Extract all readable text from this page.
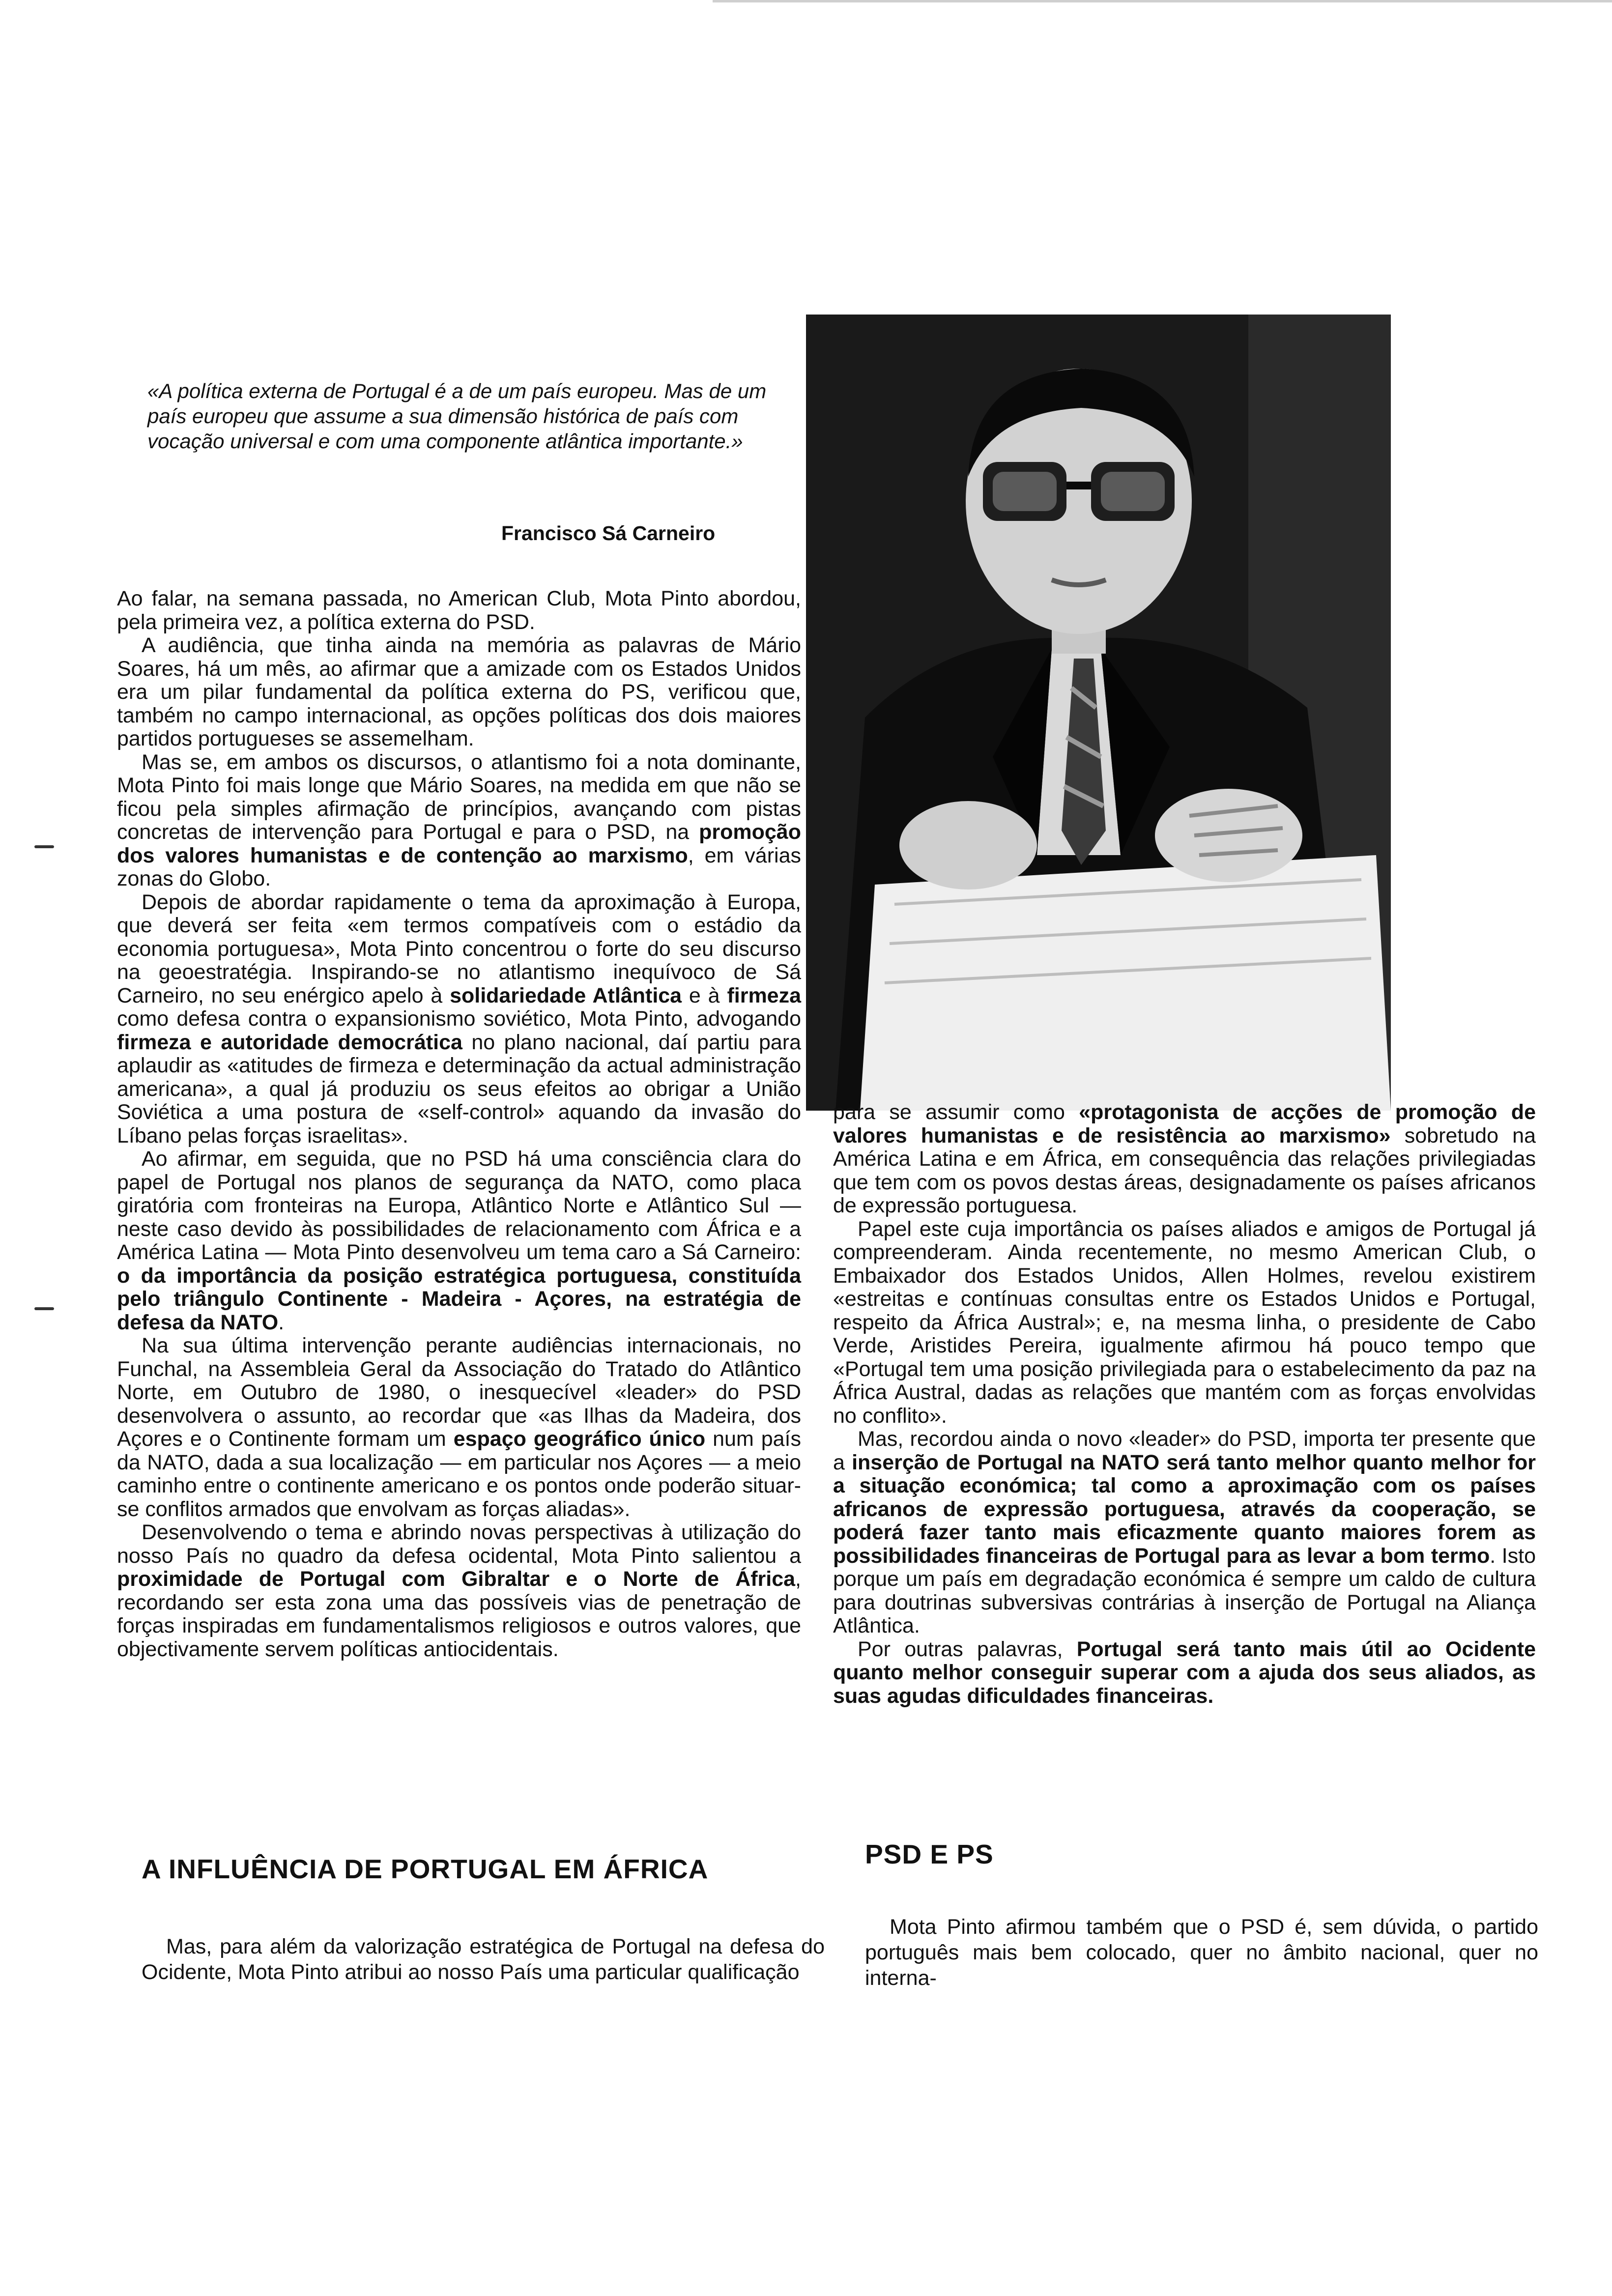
«A política externa de Portugal é a de um país europeu. Mas de um país europeu que assume a sua dimensão histórica de país com vocação universal e com uma componente atlântica importante.»

Francisco Sá Carneiro

Ao falar, na semana passada, no American Club, Mota Pinto abordou, pela primeira vez, a política externa do PSD.

A audiência, que tinha ainda na memória as palavras de Mário Soares, há um mês, ao afirmar que a amizade com os Estados Unidos era um pilar fundamental da política externa do PS, verificou que, também no campo internacional, as opções políticas dos dois maiores partidos portugueses se assemelham.

Mas se, em ambos os discursos, o atlantismo foi a nota dominante, Mota Pinto foi mais longe que Mário Soares, na medida em que não se ficou pela simples afirmação de princípios, avançando com pistas concretas de intervenção para Portugal e para o PSD, na promoção dos valores humanistas e de contenção ao marxismo, em várias zonas do Globo.

Depois de abordar rapidamente o tema da aproximação à Europa, que deverá ser feita «em termos compatíveis com o estádio da economia portuguesa», Mota Pinto concentrou o forte do seu discurso na geoestratégia. Inspirando-se no atlantismo inequívoco de Sá Carneiro, no seu enérgico apelo à solidariedade Atlântica e à firmeza como defesa contra o expansionismo soviético, Mota Pinto, advogando firmeza e autoridade democrática no plano nacional, daí partiu para aplaudir as «atitudes de firmeza e determinação da actual administração americana», a qual já produziu os seus efeitos ao obrigar a União Soviética a uma postura de «self-control» aquando da invasão do Líbano pelas forças israelitas».

Ao afirmar, em seguida, que no PSD há uma consciência clara do papel de Portugal nos planos de segurança da NATO, como placa giratória com fronteiras na Europa, Atlântico Norte e Atlântico Sul — neste caso devido às possibilidades de relacionamento com África e a América Latina — Mota Pinto desenvolveu um tema caro a Sá Carneiro: o da importância da posição estratégica portuguesa, constituída pelo triângulo Continente - Madeira - Açores, na estratégia de defesa da NATO.

Na sua última intervenção perante audiências internacionais, no Funchal, na Assembleia Geral da Associação do Tratado do Atlântico Norte, em Outubro de 1980, o inesquecível «leader» do PSD desenvolvera o assunto, ao recordar que «as Ilhas da Madeira, dos Açores e o Continente formam um espaço geográfico único num país da NATO, dada a sua localização — em particular nos Açores — a meio caminho entre o continente americano e os pontos onde poderão situar-se conflitos armados que envolvam as forças aliadas».

Desenvolvendo o tema e abrindo novas perspectivas à utilização do nosso País no quadro da defesa ocidental, Mota Pinto salientou a proximidade de Portugal com Gibraltar e o Norte de África, recordando ser esta zona uma das possíveis vias de penetração de forças inspiradas em fundamentalismos religiosos e outros valores, que objectivamente servem políticas antiocidentais.

para se assumir como «protagonista de acções de promoção de valores humanistas e de resistência ao marxismo» sobretudo na América Latina e em África, em consequência das relações privilegiadas que tem com os povos destas áreas, designadamente os países africanos de expressão portuguesa.

Papel este cuja importância os países aliados e amigos de Portugal já compreenderam. Ainda recentemente, no mesmo American Club, o Embaixador dos Estados Unidos, Allen Holmes, revelou existirem «estreitas e contínuas consultas entre os Estados Unidos e Portugal, respeito da África Austral»; e, na mesma linha, o presidente de Cabo Verde, Aristides Pereira, igualmente afirmou há pouco tempo que «Portugal tem uma posição privilegiada para o estabelecimento da paz na África Austral, dadas as relações que mantém com as forças envolvidas no conflito».

Mas, recordou ainda o novo «leader» do PSD, importa ter presente que a inserção de Portugal na NATO será tanto melhor quanto melhor for a situação económica; tal como a aproximação com os países africanos de expressão portuguesa, através da cooperação, se poderá fazer tanto mais eficazmente quanto maiores forem as possibilidades financeiras de Portugal para as levar a bom termo. Isto porque um país em degradação económica é sempre um caldo de cultura para doutrinas subversivas contrárias à inserção de Portugal na Aliança Atlântica.

Por outras palavras, Portugal será tanto mais útil ao Ocidente quanto melhor conseguir superar com a ajuda dos seus aliados, as suas agudas dificuldades financeiras.

A INFLUÊNCIA DE PORTUGAL EM ÁFRICA

Mas, para além da valorização estratégica de Portugal na defesa do Ocidente, Mota Pinto atribui ao nosso País uma particular qualificação

PSD E PS

Mota Pinto afirmou também que o PSD é, sem dúvida, o partido português mais bem colocado, quer no âmbito nacional, quer no interna-
